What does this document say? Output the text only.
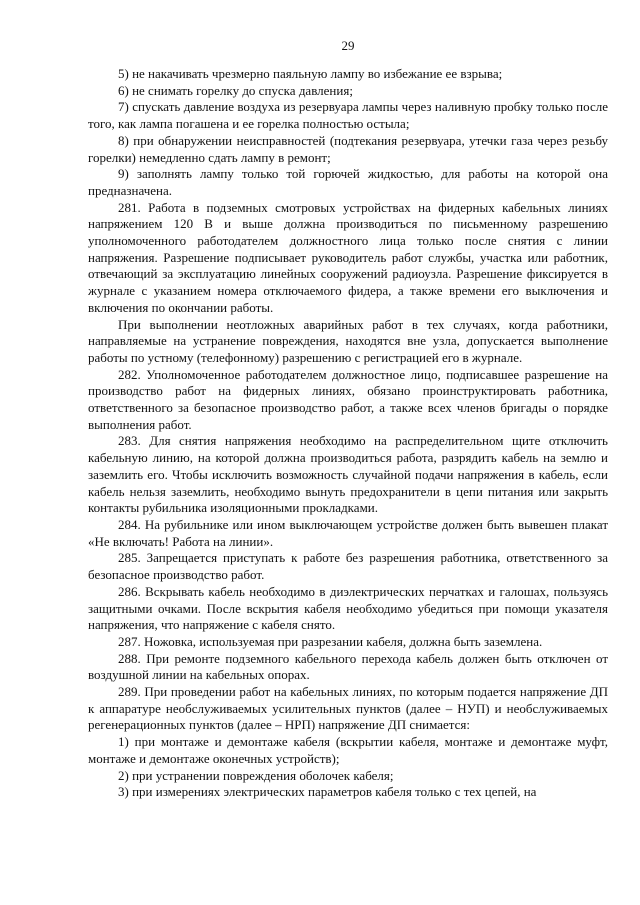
29

5) не накачивать чрезмерно паяльную лампу во избежание ее взрыва;

6) не снимать горелку до спуска давления;

7) спускать давление воздуха из резервуара лампы через наливную пробку только после того, как лампа погашена и ее горелка полностью остыла;

8) при обнаружении неисправностей (подтекания резервуара, утечки газа через резьбу горелки) немедленно сдать лампу в ремонт;

9) заполнять лампу только той горючей жидкостью, для работы на которой она предназначена.

281. Работа в подземных смотровых устройствах на фидерных кабельных линиях напряжением 120 В и выше должна производиться по письменному разрешению уполномоченного работодателем должностного лица только после снятия с линии напряжения. Разрешение подписывает руководитель работ службы, участка или работник, отвечающий за эксплуатацию линейных сооружений радиоузла. Разрешение фиксируется в журнале с указанием номера отключаемого фидера, а также времени его выключения и включения по окончании работы.

При выполнении неотложных аварийных работ в тех случаях, когда работники, направляемые на устранение повреждения, находятся вне узла, допускается выполнение работы по устному (телефонному) разрешению с регистрацией его в журнале.

282. Уполномоченное работодателем должностное лицо, подписавшее разрешение на производство работ на фидерных линиях, обязано проинструктировать работника, ответственного за безопасное производство работ, а также всех членов бригады о порядке выполнения работ.

283. Для снятия напряжения необходимо на распределительном щите отключить кабельную линию, на которой должна производиться работа, разрядить кабель на землю и заземлить его. Чтобы исключить возможность случайной подачи напряжения в кабель, если кабель нельзя заземлить, необходимо вынуть предохранители в цепи питания или закрыть контакты рубильника изоляционными прокладками.

284. На рубильнике или ином выключающем устройстве должен быть вывешен плакат «Не включать! Работа на линии».

285. Запрещается приступать к работе без разрешения работника, ответственного за безопасное производство работ.

286. Вскрывать кабель необходимо в диэлектрических перчатках и галошах, пользуясь защитными очками. После вскрытия кабеля необходимо убедиться при помощи указателя напряжения, что напряжение с кабеля снято.

287. Ножовка, используемая при разрезании кабеля, должна быть заземлена.

288. При ремонте подземного кабельного перехода кабель должен быть отключен от воздушной линии на кабельных опорах.

289. При проведении работ на кабельных линиях, по которым подается напряжение ДП к аппаратуре необслуживаемых усилительных пунктов (далее – НУП) и необслуживаемых регенерационных пунктов (далее – НРП) напряжение ДП снимается:

1) при монтаже и демонтаже кабеля (вскрытии кабеля, монтаже и демонтаже муфт, монтаже и демонтаже оконечных устройств);

2) при устранении повреждения оболочек кабеля;

3) при измерениях электрических параметров кабеля только с тех цепей, на
